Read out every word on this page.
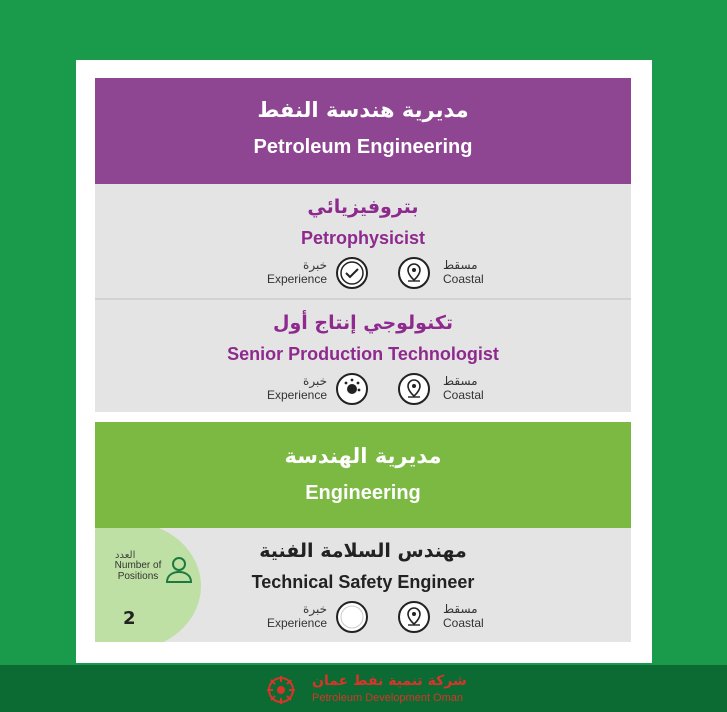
مديرية هندسة النفط
Petroleum Engineering
بتروفيزيائي
Petrophysicist
خبرة
Experience
مسقط
Coastal
تكنولوجي إنتاج أول
Senior Production Technologist
خبرة
Experience
مسقط
Coastal
مديرية الهندسة
Engineering
مهندس السلامة الفنية
Technical Safety Engineer
خبرة
Experience
مسقط
Coastal
العدد
Number of Positions
2
شركة تنمية نفط عمان
Petroleum Development Oman
